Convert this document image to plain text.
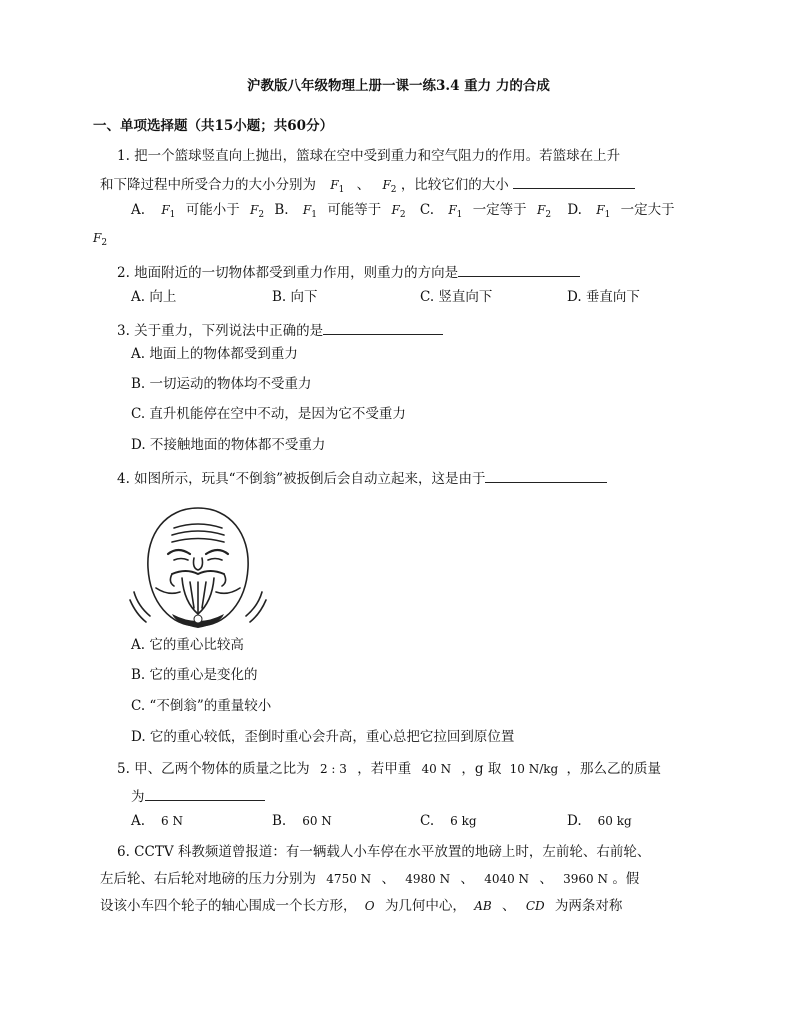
沪教版八年级物理上册一课一练3.4 重力 力的合成
一、单项选择题（共15小题；共60分）
1. 把一个篮球竖直向上抛出，篮球在空中受到重力和空气阻力的作用。若篮球在上升
和下降过程中所受合力的大小分别为 $F_1$ 、 $F_2$ ，比较它们的大小
A. $F_1$ 可能小于 $F_2$ B. $F_1$ 可能等于 $F_2$ C. $F_1$ 一定等于 $F_2$ D. $F_1$ 一定大于
$F_2$
2. 地面附近的一切物体都受到重力作用，则重力的方向是
A. 向上	B. 向下	C. 竖直向下	D. 垂直向下
3. 关于重力，下列说法中正确的是
A. 地面上的物体都受到重力
B. 一切运动的物体均不受重力
C. 直升机能停在空中不动，是因为它不受重力
D. 不接触地面的物体都不受重力
4. 如图所示，玩具“不倒翁”被扳倒后会自动立起来，这是由于
A. 它的重心比较高
B. 它的重心是变化的
C. “不倒翁”的重量较小
D. 它的重心较低，歪倒时重心会升高，重心总把它拉回到原位置
5. 甲、乙两个物体的质量之比为 2 : 3 ，若甲重 40 N ，g 取 10 N/kg ，那么乙的质量
为
A. 6 N	B. 60 N	C. 6 kg	D. 60 kg
6. CCTV 科教频道曾报道：有一辆载人小车停在水平放置的地磅上时，左前轮、右前轮、
左后轮、右后轮对地磅的压力分别为 4750 N 、 4980 N 、 4040 N 、 3960 N 。假
设该小车四个轮子的轴心围成一个长方形， O 为几何中心， AB 、 CD 为两条对称
